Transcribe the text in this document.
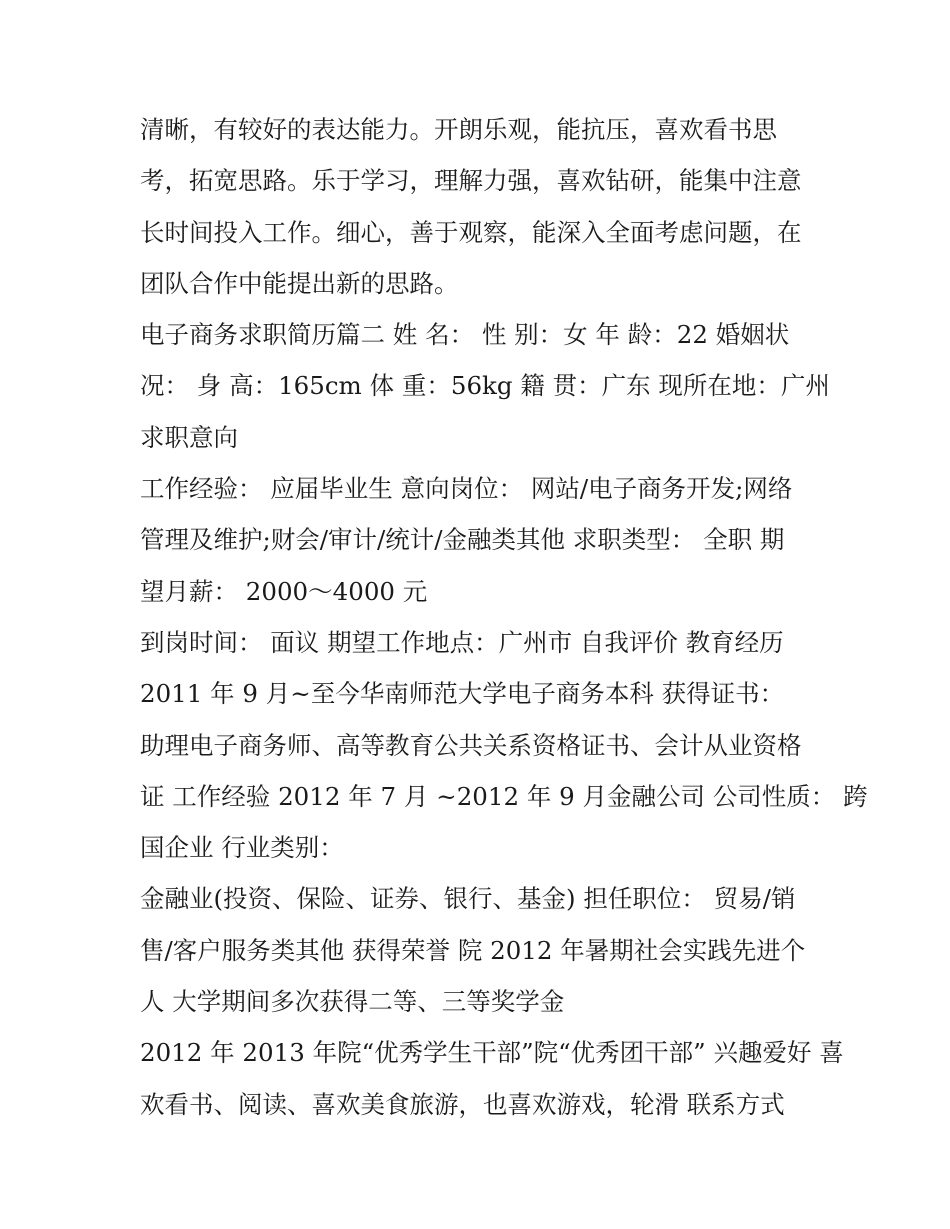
清晰，有较好的表达能力。开朗乐观，能抗压，喜欢看书思
考，拓宽思路。乐于学习，理解力强，喜欢钻研，能集中注意
长时间投入工作。细心，善于观察，能深入全面考虑问题，在
团队合作中能提出新的思路。
电子商务求职简历篇二 姓 名： 性 别：女 年 龄：22 婚姻状
况： 身 高：165cm 体 重：56kg 籍 贯：广东 现所在地：广州
求职意向
工作经验： 应届毕业生 意向岗位： 网站/电子商务开发;网络
管理及维护;财会/审计/统计/金融类其他 求职类型： 全职 期
望月薪： 2000～4000 元
到岗时间： 面议 期望工作地点：广州市 自我评价 教育经历
2011 年 9 月~至今华南师范大学电子商务本科 获得证书：
助理电子商务师、高等教育公共关系资格证书、会计从业资格
证 工作经验 2012 年 7 月 ~2012 年 9 月金融公司 公司性质： 跨
国企业 行业类别：
金融业(投资、保险、证券、银行、基金) 担任职位： 贸易/销
售/客户服务类其他 获得荣誉 院 2012 年暑期社会实践先进个
人 大学期间多次获得二等、三等奖学金
2012 年 2013 年院“优秀学生干部”院“优秀团干部” 兴趣爱好 喜
欢看书、阅读、喜欢美食旅游，也喜欢游戏，轮滑 联系方式
